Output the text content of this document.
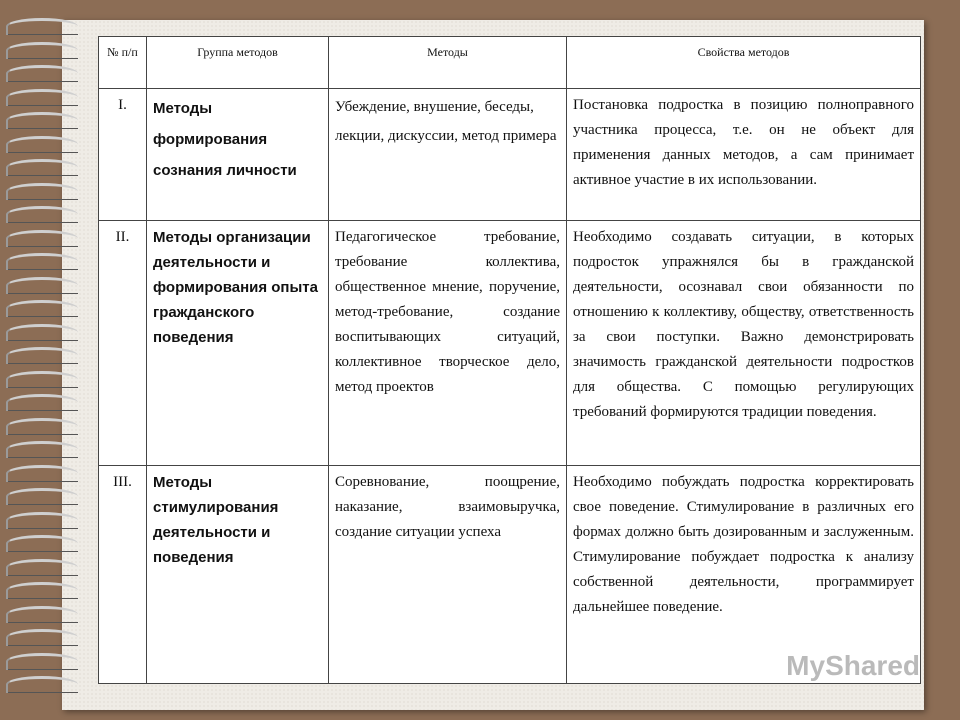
№ п/п	Группа методов	Методы	Свойства методов
I.	Методы формирования сознания личности	Убеждение, внушение, беседы, лекции, дискуссии, метод примера	Постановка подростка в позицию полноправного участника процесса, т.е. он не объект для применения данных методов, а сам принимает активное участие в их использовании.
II.	Методы организации деятельности и формирования опыта гражданского поведения	Педагогическое требование, требование коллектива, общественное мнение, поручение, метод-требование, создание воспитывающих ситуаций, коллективное творческое дело, метод проектов	Необходимо создавать ситуации, в которых подросток упражнялся бы в гражданской деятельности, осознавал свои обязанности по отношению к коллективу, обществу, ответственность за свои поступки. Важно демонстрировать значимость гражданской деятельности подростков для общества. С помощью регулирующих требований формируются традиции поведения.
III.	Методы стимулирования деятельности и поведения	Соревнование, поощрение, наказание, взаимовыручка, создание ситуации успеха	Необходимо побуждать подростка корректировать свое поведение. Стимулирование в различных его формах должно быть дозированным и заслуженным. Стимулирование побуждает подростка к анализу собственной деятельности, программирует дальнейшее поведение.
MyShared
